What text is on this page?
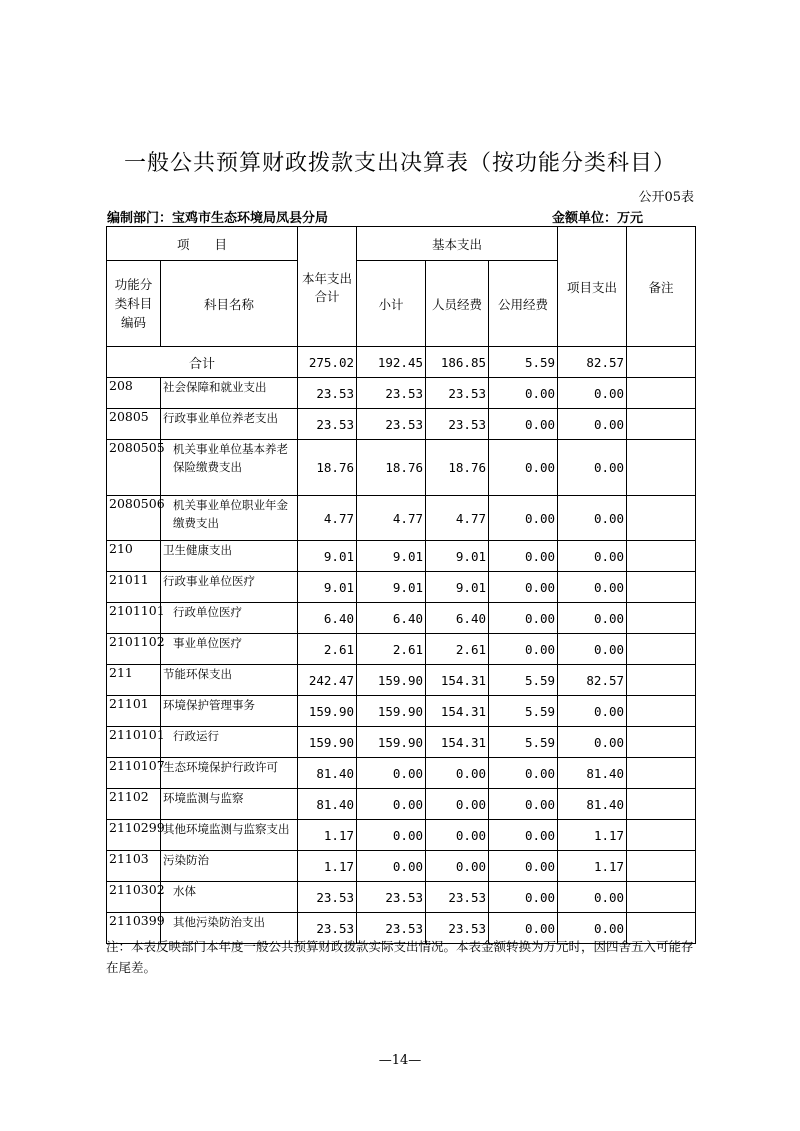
一般公共预算财政拨款支出决算表（按功能分类科目）
公开05表
编制部门：宝鸡市生态环境局凤县分局	金额单位：万元
项　　目		本年支出合计	基本支出			项目支出	备注
功能分类科目编码	科目名称		小计	人员经费	公用经费		
合计		275.02	192.45	186.85	5.59	82.57	
208	社会保障和就业支出	23.53	23.53	23.53	0.00	0.00	
20805	行政事业单位养老支出	23.53	23.53	23.53	0.00	0.00	
2080505	机关事业单位基本养老保险缴费支出	18.76	18.76	18.76	0.00	0.00	
2080506	机关事业单位职业年金缴费支出	4.77	4.77	4.77	0.00	0.00	
210	卫生健康支出	9.01	9.01	9.01	0.00	0.00	
21011	行政事业单位医疗	9.01	9.01	9.01	0.00	0.00	
2101101	行政单位医疗	6.40	6.40	6.40	0.00	0.00	
2101102	事业单位医疗	2.61	2.61	2.61	0.00	0.00	
211	节能环保支出	242.47	159.90	154.31	5.59	82.57	
21101	环境保护管理事务	159.90	159.90	154.31	5.59	0.00	
2110101	行政运行	159.90	159.90	154.31	5.59	0.00	
2110107	生态环境保护行政许可	81.40	0.00	0.00	0.00	81.40	
21102	环境监测与监察	81.40	0.00	0.00	0.00	81.40	
2110299	其他环境监测与监察支出	1.17	0.00	0.00	0.00	1.17	
21103	污染防治	1.17	0.00	0.00	0.00	1.17	
2110302	水体	23.53	23.53	23.53	0.00	0.00	
2110399	其他污染防治支出	23.53	23.53	23.53	0.00	0.00	
注：本表反映部门本年度一般公共预算财政拨款实际支出情况。本表金额转换为万元时，因四舍五入可能存在尾差。
—14—
